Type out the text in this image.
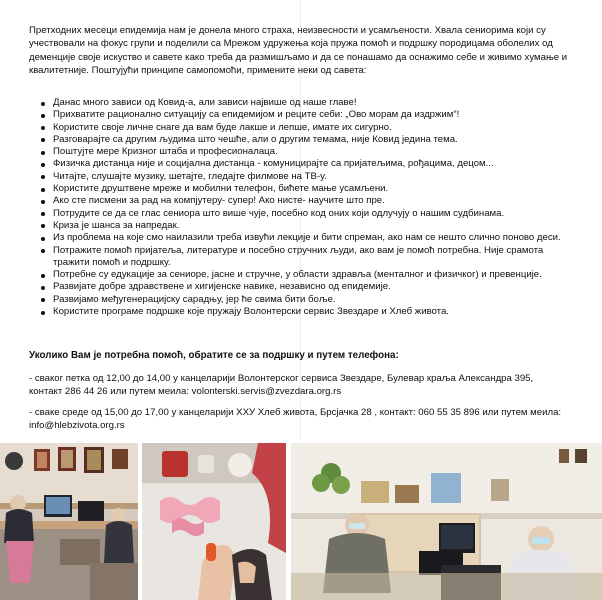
Претходних месеци епидемија нам је донела много страха, неизвесности и усамљености. Хвала сениорима који су учествовали на фокус групи и поделили са Мрежом удружења која пружа помоћ и подршку породицама оболелих од деменције своје искуство и савете како треба да размишљамо и да се понашамо да оснажимо себе и живимо хумање и квалитетније. Поштујући принципе самопомоћи, примените неки од савета:

Данас много зависи од Ковид-а, али зависи највише од наше главе!
Прихватите рационално ситуацију са епидемијом и реците себи: „Ово морам да издржим“!
Користите своје личне снаге да вам буде лакше и лепше, имате их сигурно.
Разговарајте са другим људима што чешће, али о другим темама, није Ковид једина тема.
Поштујте мере Кризног штаба и професионалаца.
Физичка дистанца није и социјална дистанца - комуницирајте са пријатељима, рођацима, децом...
Читајте, слушајте музику, шетајте, гледајте филмове на ТВ-у.
Користите друштвене мреже и мобилни телефон, бићете мање усамљени.
Ако сте писмени за рад на компјутеру- супер! Ако нисте- научите што пре.
Потрудите се да се глас сениора што више чује, посебно код оних који одлучују о нашим судбинама.
Криза је шанса за напредак.
Из проблема на које смо наилазили треба извући лекције и бити спреман, ако нам се нешто слично поново деси.
Потражите помоћ пријатеља, литературе и посебно стручних људи, ако вам је помоћ потребна. Није срамота тражити помоћ и подршку.
Потребне су едукације за сениоре, јасне и стручне, у области здравља (менталног и физичког) и превенције.
Развијате добре здравствене и хигијенске навике, независно од епидемије.
Развијамо међугенерацијску сарадњу, јер ће свима бити боље.
Користите програме подршке које пружају Волонтерски сервис Звездаре и Хлеб живота.

Уколико Вам је потребна помоћ, обратите се за подршку и путем телефона:

- сваког петка од 12,00 до 14,00 у канцеларији Волонтерског сервиса Звездаре, Булевар краља Александра 395, контакт 286 44 26 или путем меила: volonterski.servis@zvezdara.org.rs

- сваке среде од 15,00 до 17,00 у канцеларији ХХУ Хлеб живота, Брсјачка 28 , контакт: 060 55 35 896 или путем меила: info@hlebzivota.org.rs
